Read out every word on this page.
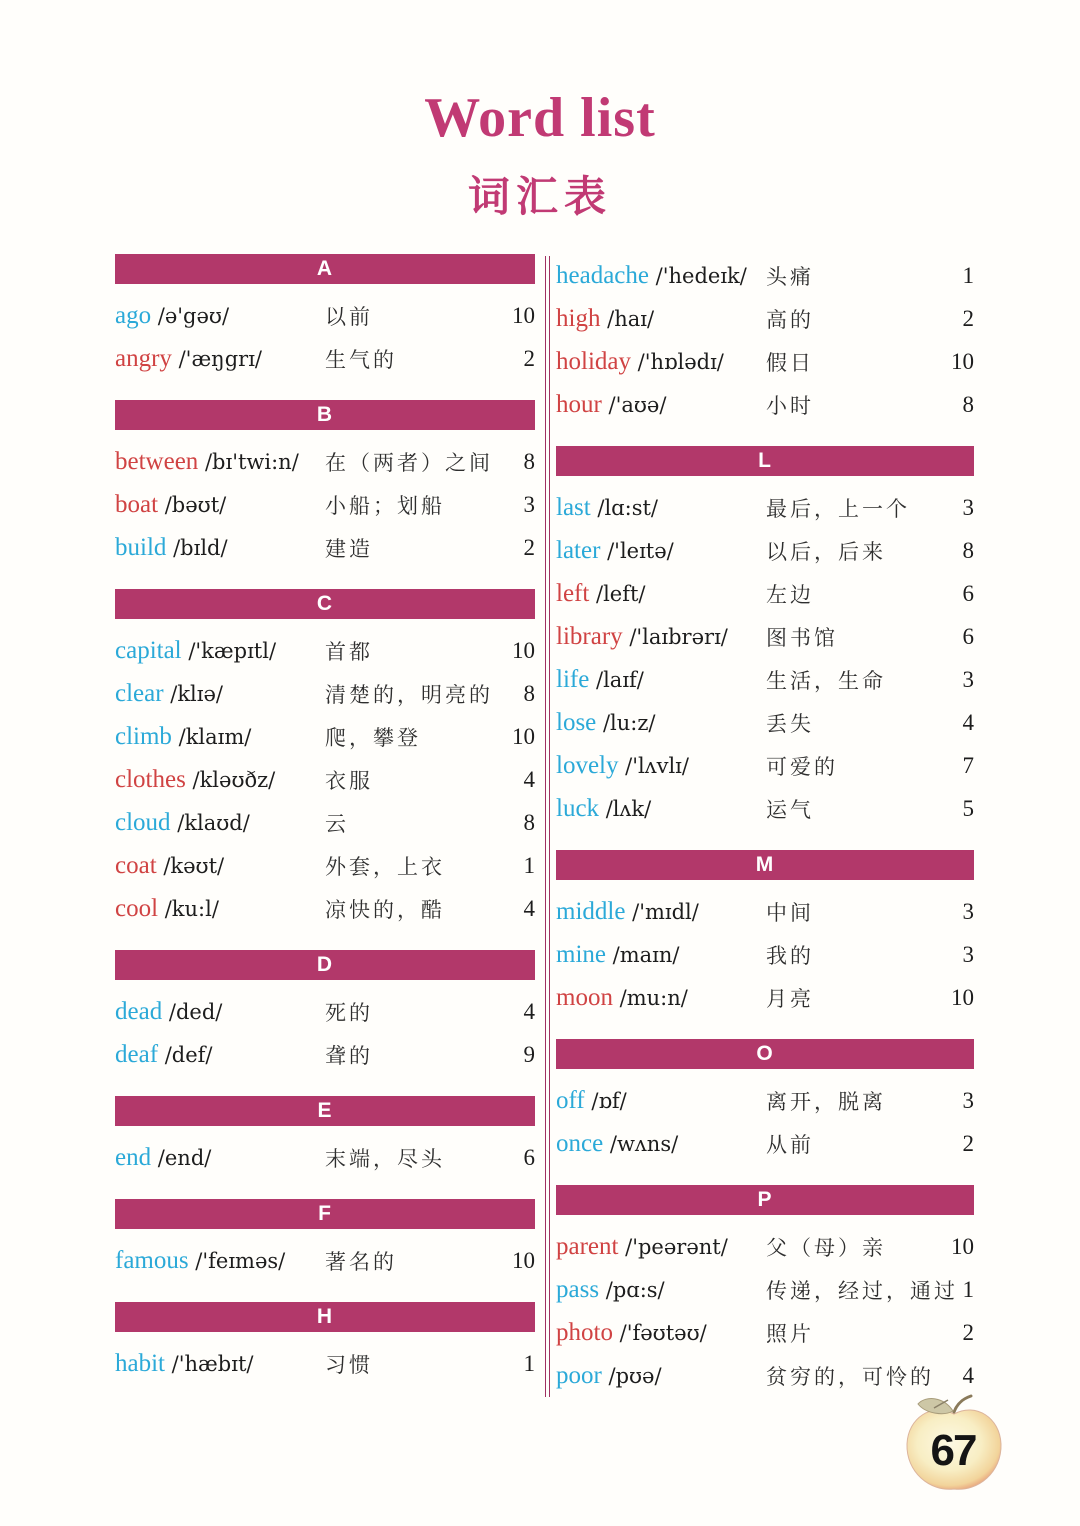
Word list
词汇表
A
ago /ə'gəʊ/	以前	10
angry /'æŋgrɪ/	生气的	2
B
between /bɪ'twi:n/	在（两者）之间	8
boat /bəʊt/	小船；划船	3
build /bɪld/	建造	2
C
capital /'kæpɪtl/	首都	10
clear /klɪə/	清楚的，明亮的	8
climb /klaɪm/	爬，攀登	10
clothes /kləʊðz/	衣服	4
cloud /klaʊd/	云	8
coat /kəʊt/	外套，上衣	1
cool /ku:l/	凉快的，酷	4
D
dead /ded/	死的	4
deaf /def/	聋的	9
E
end /end/	末端，尽头	6
F
famous /'feɪməs/	著名的	10
H
habit /'hæbɪt/	习惯	1
headache /'hedeɪk/ 头痛	1
high /haɪ/	高的	2
holiday /'hɒlədɪ/	假日	10
hour /'aʊə/	小时	8
L
last /lɑ:st/	最后，上一个	3
later /'leɪtə/	以后，后来	8
left /left/	左边	6
library /'laɪbrərɪ/	图书馆	6
life /laɪf/	生活，生命	3
lose /lu:z/	丢失	4
lovely /'lʌvlɪ/	可爱的	7
luck /lʌk/	运气	5
M
middle /'mɪdl/	中间	3
mine /maɪn/	我的	3
moon /mu:n/	月亮	10
O
off /ɒf/	离开，脱离	3
once /wʌns/	从前	2
P
parent /'peərənt/	父（母）亲	10
pass /pɑ:s/	传递，经过，通过 1
photo /'fəʊtəʊ/	照片	2
poor /pʊə/	贫穷的，可怜的	4
67
